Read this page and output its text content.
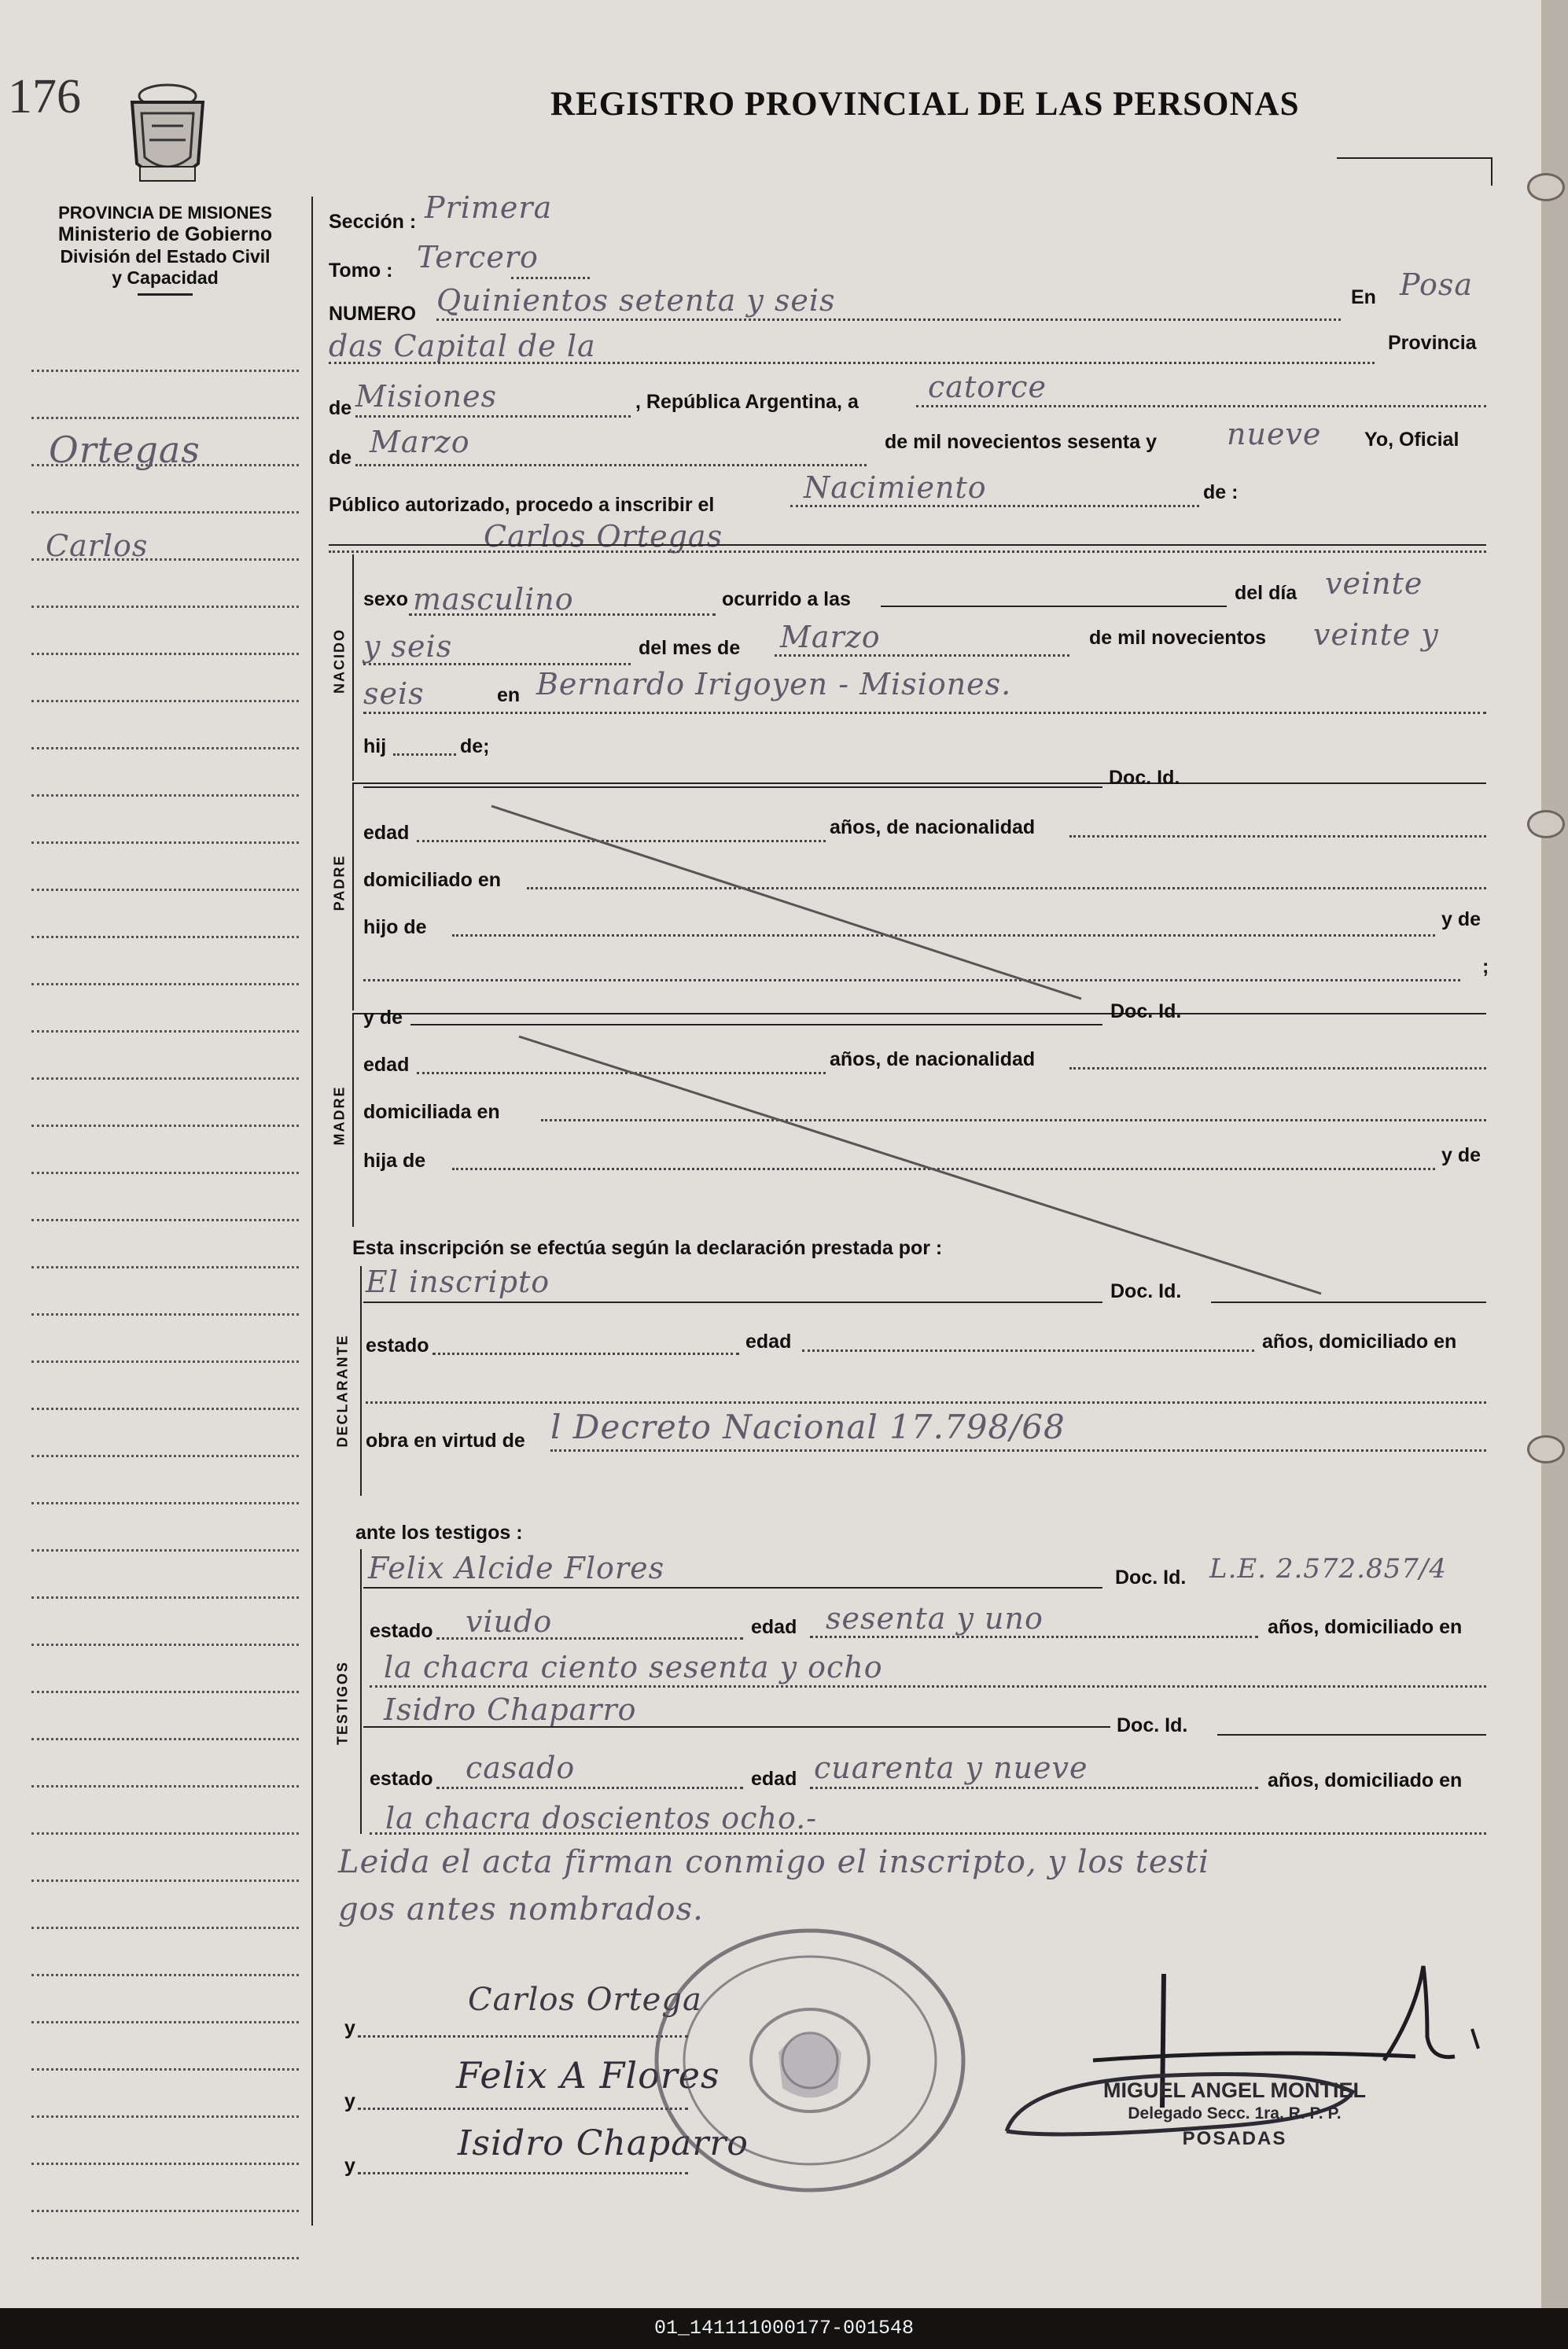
176	REGISTRO PROVINCIAL DE LAS PERSONAS
PROVINCIA DE MISIONES
Ministerio de Gobierno
División del Estado Civil
y Capacidad
Ortegas
Carlos
Sección : Primera
Tomo : Tercero
NUMERO Quinientos setenta y seis	En Posa
das Capital de la	Provincia
de Misiones	, República Argentina, a catorce
de Marzo	de mil novecientos sesenta y nueve Yo, Oficial
Público autorizado, procedo a inscribir el	Nacimiento	de :
Carlos Ortegas
NACIDO
sexo masculino	ocurrido a las	del día veinte
y seis	del mes de Marzo	de mil novecientos veinte y
seis	en Bernardo Irigoyen - Misiones.
hij	de;
Doc. Id.
PADRE
edad	años, de nacionalidad
domiciliado en
hijo de	y de
;
y de	Doc. Id.
MADRE
edad	años, de nacionalidad
domiciliada en
hija de	y de
Esta inscripción se efectúa según la declaración prestada por :
DECLARANTE
El inscripto	Doc. Id.
estado	edad	años, domiciliado en
obra en virtud de l Decreto Nacional 17.798/68
ante los testigos :
TESTIGOS
Felix Alcide Flores	Doc. Id. L.E. 2.572.857/4
estado viudo	edad sesenta y uno	años, domiciliado en
la chacra ciento sesenta y ocho
Isidro Chaparro	Doc. Id.
estado casado	edad cuarenta y nueve	años, domiciliado en
la chacra doscientos ocho.-
Leida el acta firman conmigo el inscripto, y los testi
gos antes nombrados.
y
Carlos Ortega
y
Felix A Flores
y
Isidro Chaparro
MIGUEL ANGEL MONTIEL
Delegado Secc. 1ra. R. P. P.
POSADAS
01_141111000177-001548
